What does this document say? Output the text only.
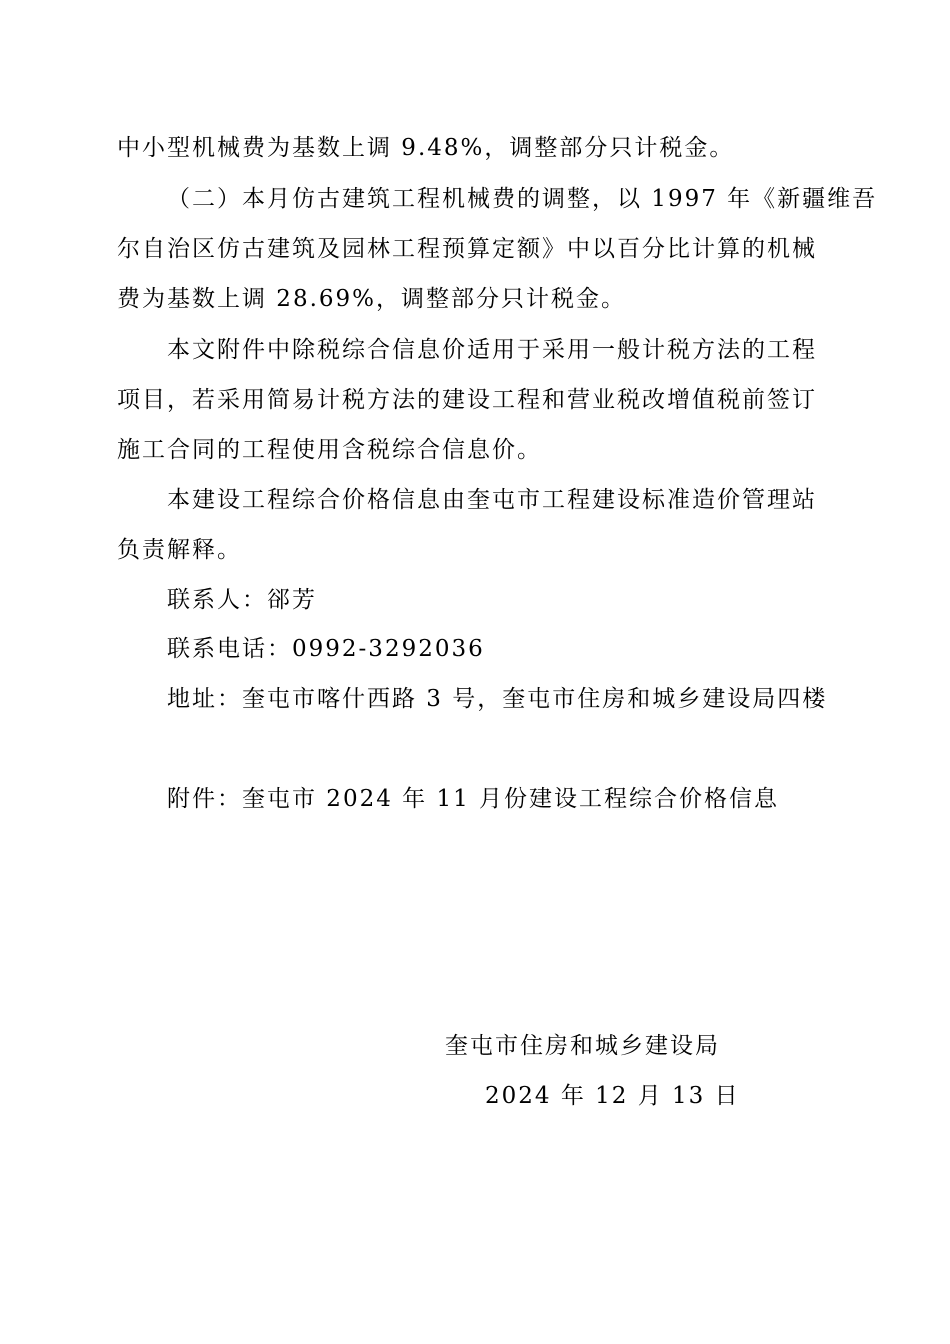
中小型机械费为基数上调 9.48%，调整部分只计税金。
（二）本月仿古建筑工程机械费的调整，以 1997 年《新疆维吾
尔自治区仿古建筑及园林工程预算定额》中以百分比计算的机械
费为基数上调 28.69%，调整部分只计税金。
本文附件中除税综合信息价适用于采用一般计税方法的工程
项目，若采用简易计税方法的建设工程和营业税改增值税前签订
施工合同的工程使用含税综合信息价。
本建设工程综合价格信息由奎屯市工程建设标准造价管理站
负责解释。
联系人：郤芳
联系电话：0992-3292036
地址：奎屯市喀什西路 3 号，奎屯市住房和城乡建设局四楼
附件：奎屯市 2024 年 11 月份建设工程综合价格信息
奎屯市住房和城乡建设局
2024 年 12 月 13 日
